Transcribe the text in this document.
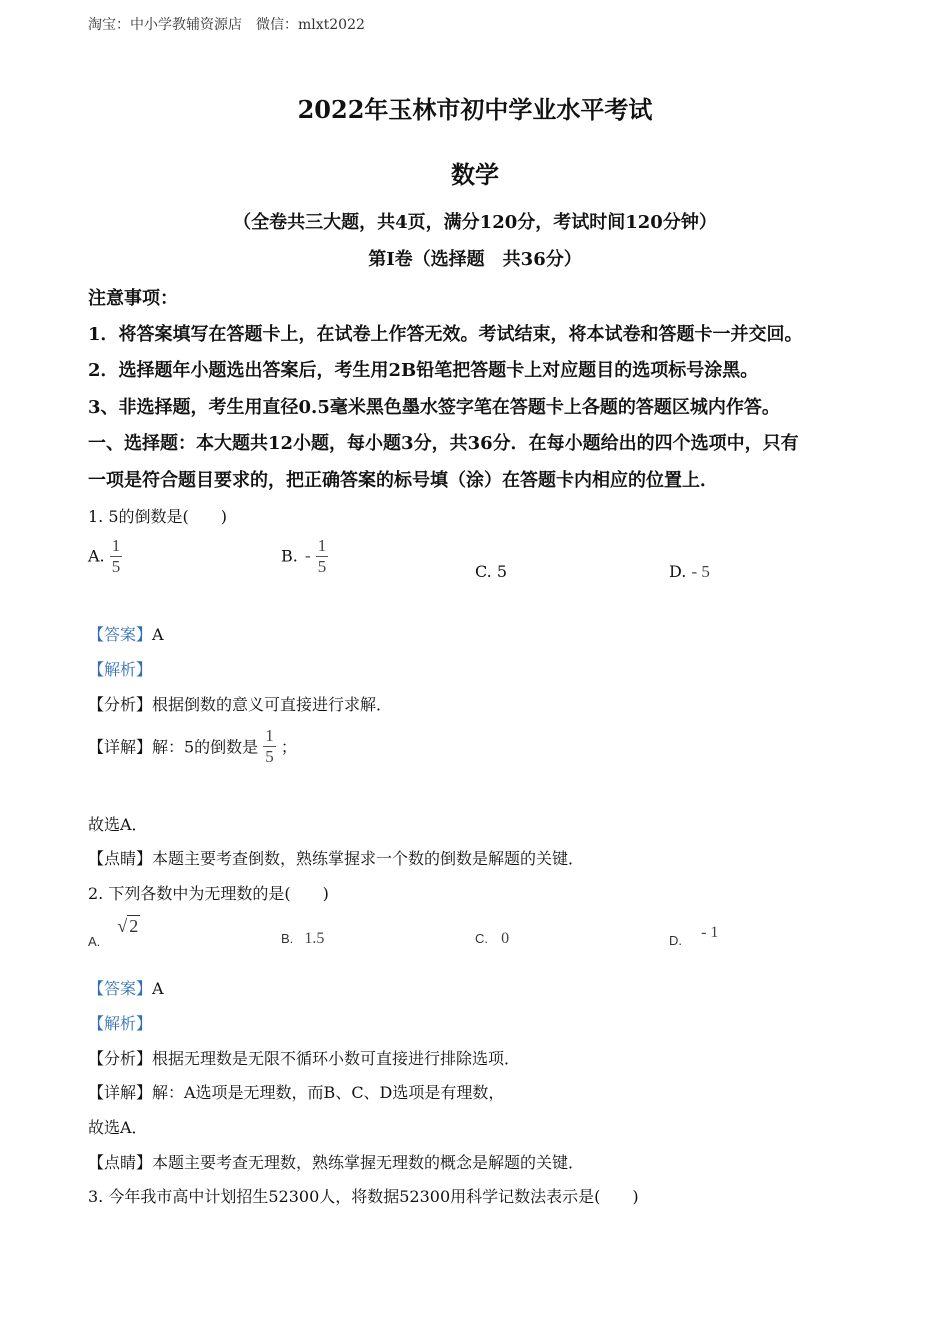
淘宝：中小学教辅资源店　微信：mlxt2022
2022年玉林市初中学业水平考试
数学
（全卷共三大题，共4页，满分120分，考试时间120分钟）
第Ⅰ卷（选择题　共36分）
注意事项：
1．将答案填写在答题卡上，在试卷上作答无效。考试结束，将本试卷和答题卡一并交回。
2．选择题年小题选出答案后，考生用2B铅笔把答题卡上对应题目的选项标号涂黑。
3、非选择题，考生用直径0.5毫米黑色墨水签字笔在答题卡上各题的答题区城内作答。
一、选择题：本大题共12小题，每小题3分，共36分．在每小题给出的四个选项中，只有
一项是符合题目要求的，把正确答案的标号填（涂）在答题卡内相应的位置上．
1. 5的倒数是(　　)
A. $\frac{1}{5}$	B. - $\frac{1}{5}$	C. 5	D. - 5
【答案】A
【解析】
【分析】根据倒数的意义可直接进行求解．
【详解】解：5的倒数是 $\frac{1}{5}$ ；
故选A．
【点睛】本题主要考查倒数，熟练掌握求一个数的倒数是解题的关键．
2. 下列各数中为无理数的是(　　)
$_{A.}$ √ 2
B. 1.5	C. 0	$_{D.}$ - 1
【答案】A
【解析】
【分析】根据无理数是无限不循环小数可直接进行排除选项．
【详解】解：A选项是无理数，而B、C、D选项是有理数，
故选A．
【点睛】本题主要考查无理数，熟练掌握无理数的概念是解题的关键．
3. 今年我市高中计划招生52300人，将数据52300用科学记数法表示是(　　)
